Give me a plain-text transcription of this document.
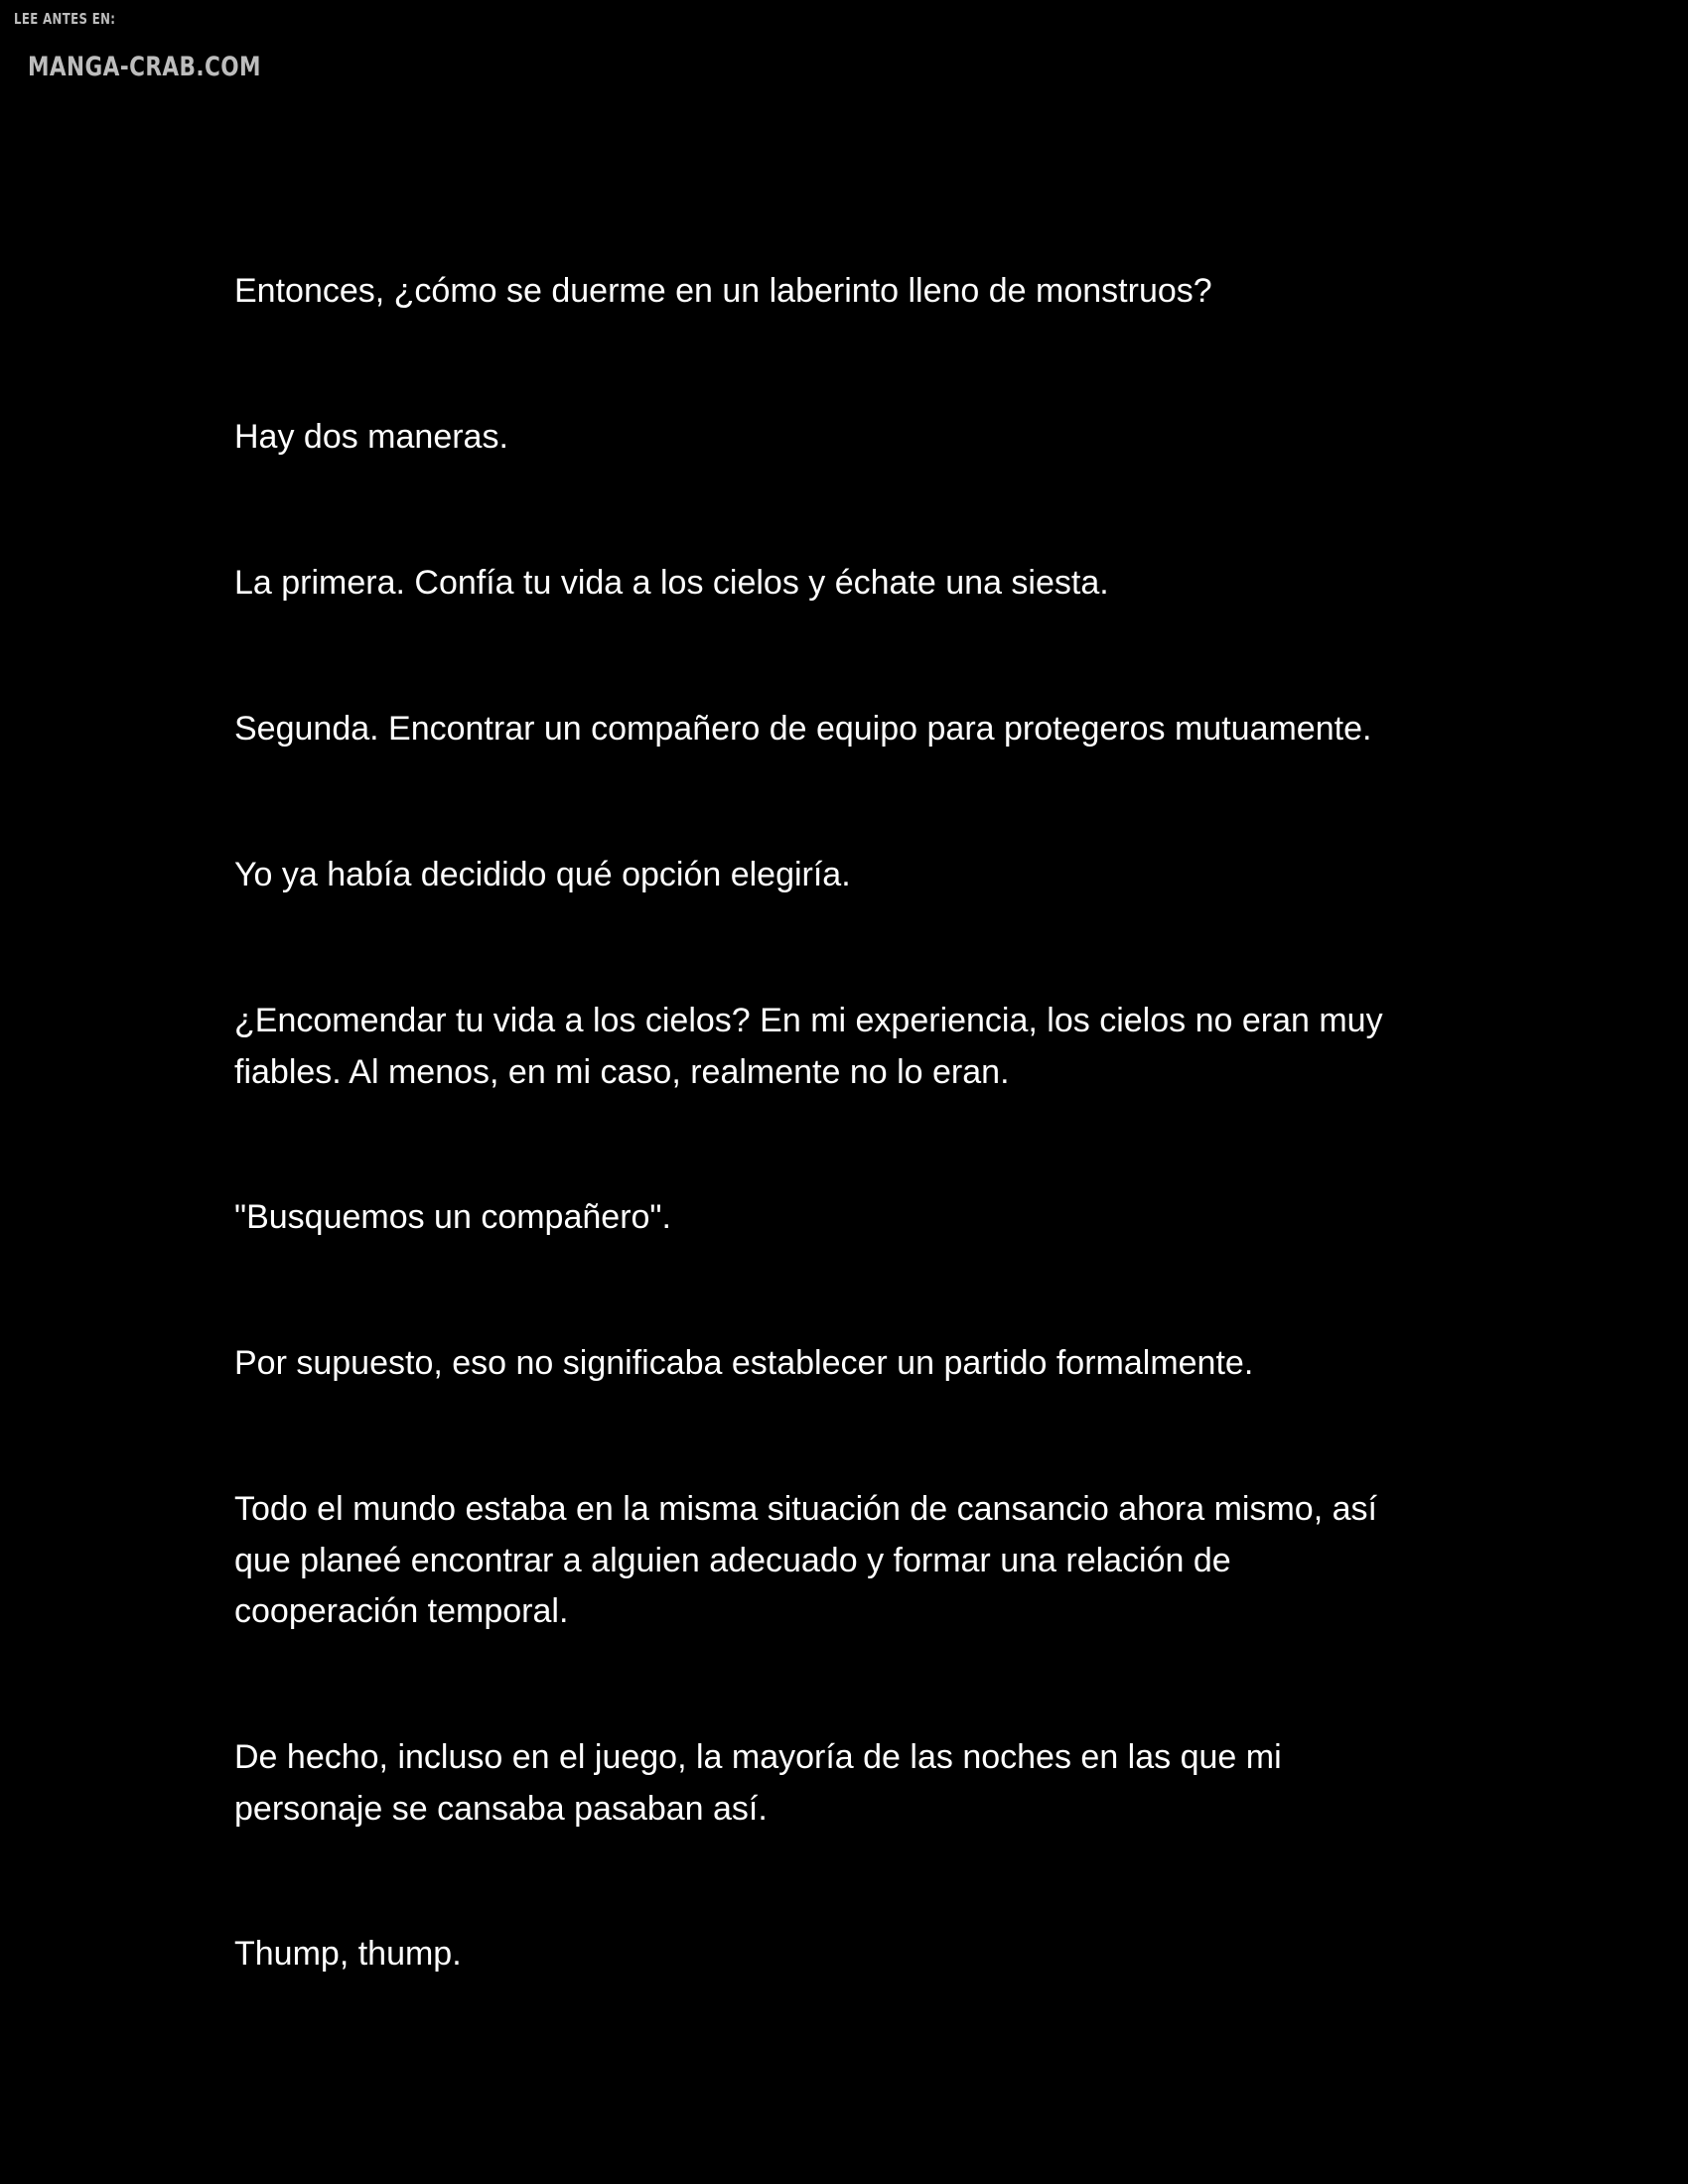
LEE ANTES EN:
MANGA-CRAB.COM

Entonces, ¿cómo se duerme en un laberinto lleno de monstruos?

Hay dos maneras.

La primera. Confía tu vida a los cielos y échate una siesta.

Segunda. Encontrar un compañero de equipo para protegeros mutuamente.

Yo ya había decidido qué opción elegiría.

¿Encomendar tu vida a los cielos? En mi experiencia, los cielos no eran muy
fiables. Al menos, en mi caso, realmente no lo eran.

"Busquemos un compañero".

Por supuesto, eso no significaba establecer un partido formalmente.

Todo el mundo estaba en la misma situación de cansancio ahora mismo, así
que planeé encontrar a alguien adecuado y formar una relación de
cooperación temporal.

De hecho, incluso en el juego, la mayoría de las noches en las que mi
personaje se cansaba pasaban así.

Thump, thump.
